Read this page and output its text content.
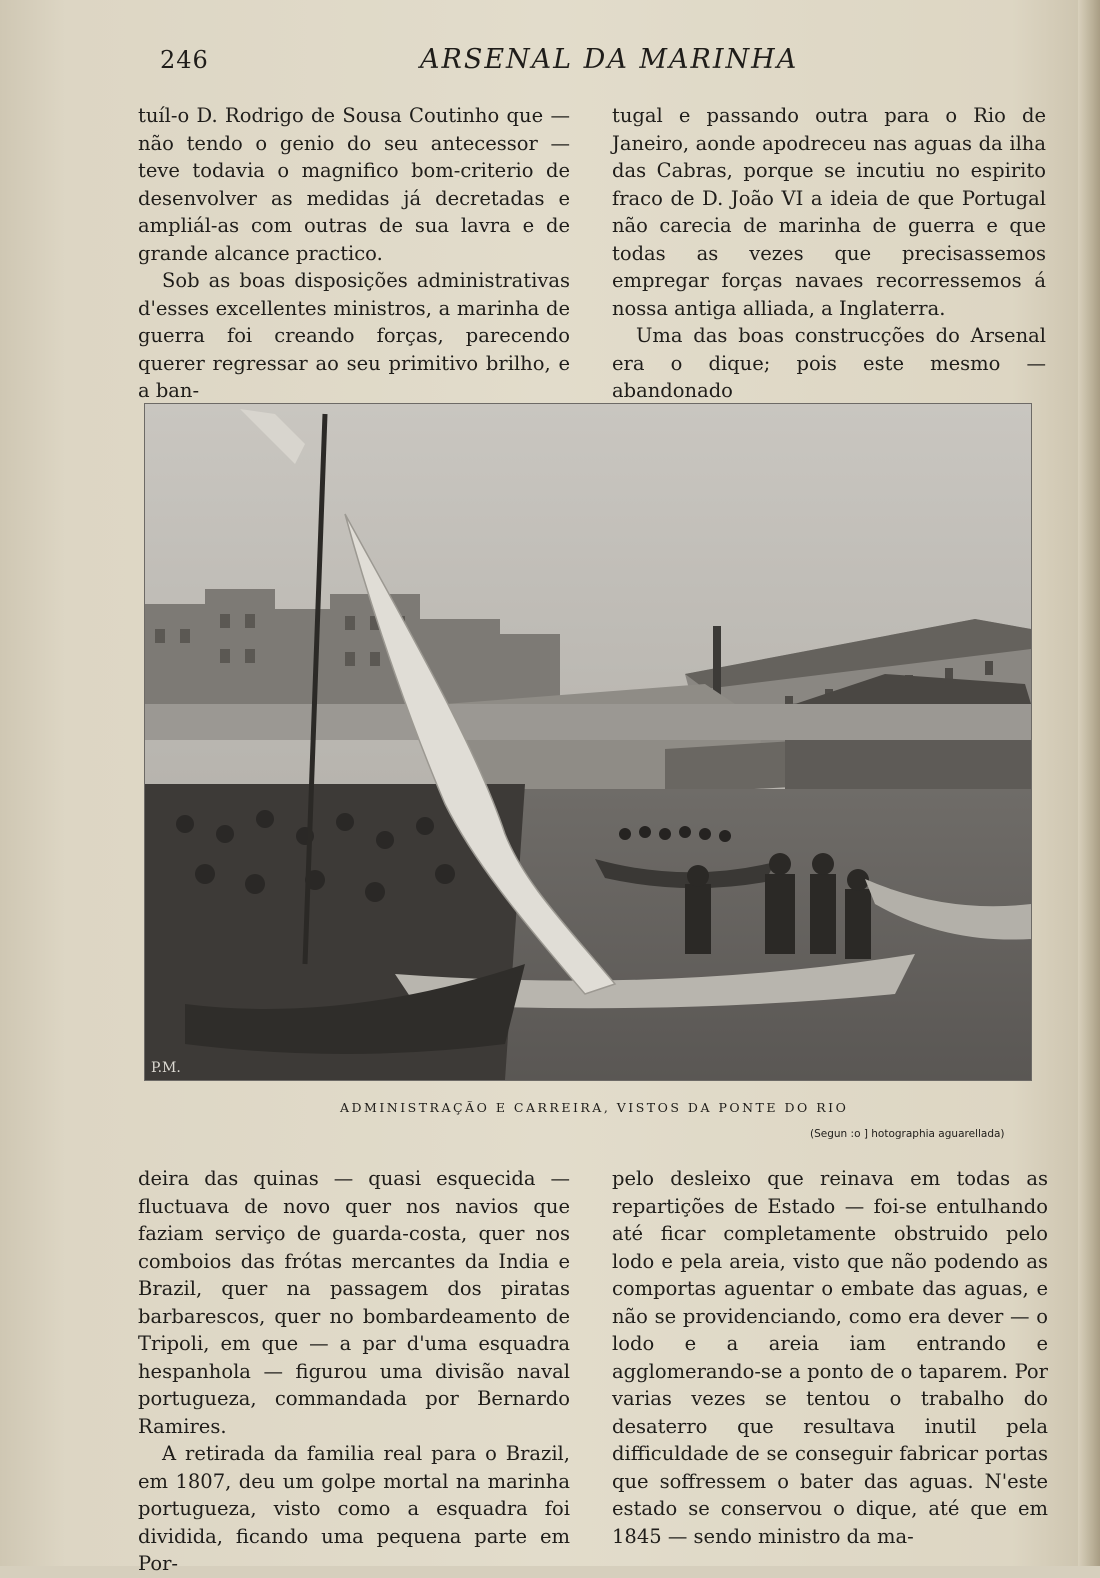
246	ARSENAL DA MARINHA

tuíl-o D. Rodrigo de Sousa Coutinho que — não tendo o genio do seu antecessor — teve todavia o magnifico bom-criterio de desenvolver as medidas já decretadas e ampliál-as com outras de sua lavra e de grande alcance practico.

Sob as boas disposições administrativas d'esses excellentes ministros, a marinha de guerra foi creando forças, parecendo querer regressar ao seu primitivo brilho, e a ban-

tugal e passando outra para o Rio de Janeiro, aonde apodreceu nas aguas da ilha das Cabras, porque se incutiu no espirito fraco de D. João VI a ideia de que Portugal não carecia de marinha de guerra e que todas as vezes que precisassemos empregar forças navaes recorressemos á nossa antiga alliada, a Inglaterra.

Uma das boas construcções do Arsenal era o dique; pois este mesmo — abandonado

P.M.
ADMINISTRAÇÃO E CARREIRA, VISTOS DA PONTE DO RIO
(Segun :o ] hotographia aguarellada)

deira das quinas — quasi esquecida — fluctuava de novo quer nos navios que faziam serviço de guarda-costa, quer nos comboios das frótas mercantes da India e Brazil, quer na passagem dos piratas barbarescos, quer no bombardeamento de Tripoli, em que — a par d'uma esquadra hespanhola — figurou uma divisão naval portugueza, commandada por Bernardo Ramires.

A retirada da familia real para o Brazil, em 1807, deu um golpe mortal na marinha portugueza, visto como a esquadra foi dividida, ficando uma pequena parte em Por-

pelo desleixo que reinava em todas as repartições de Estado — foi-se entulhando até ficar completamente obstruido pelo lodo e pela areia, visto que não podendo as comportas aguentar o embate das aguas, e não se providenciando, como era dever — o lodo e a areia iam entrando e agglomerando-se a ponto de o taparem. Por varias vezes se tentou o trabalho do desaterro que resultava inutil pela difficuldade de se conseguir fabricar portas que soffressem o bater das aguas. N'este estado se conservou o dique, até que em 1845 — sendo ministro da ma-
